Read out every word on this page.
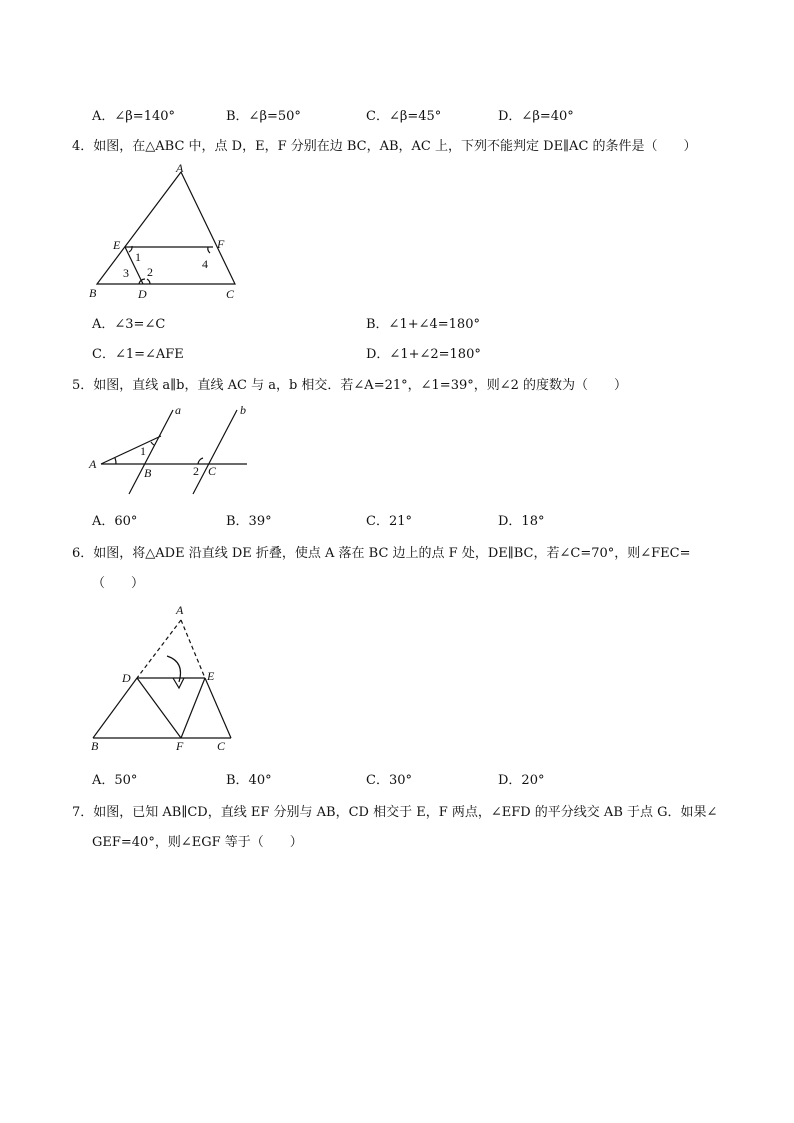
A．∠β=140°	B．∠β=50°	C．∠β=45°	D．∠β=40°
4．如图，在△ABC 中，点 D，E，F 分别在边 BC，AB，AC 上，下列不能判定 DE∥AC 的条件是（　　）
A
E	F
B	D	C
1
2
3
4
A．∠3=∠C	B．∠1+∠4=180°
C．∠1=∠AFE	D．∠1+∠2=180°
5．如图，直线 a∥b，直线 AC 与 a，b 相交．若∠A=21°，∠1=39°，则∠2 的度数为（　　）
a	b
A
B	C
1
2
A．60°	B．39°	C．21°	D．18°
6．如图，将△ADE 沿直线 DE 折叠，使点 A 落在 BC 边上的点 F 处，DE∥BC，若∠C=70°，则∠FEC=
（　　）
A
D	E
B	F	C
A．50°	B．40°	C．30°	D．20°
7．如图，已知 AB∥CD，直线 EF 分别与 AB，CD 相交于 E，F 两点，∠EFD 的平分线交 AB 于点 G．如果∠
GEF=40°，则∠EGF 等于（　　）
